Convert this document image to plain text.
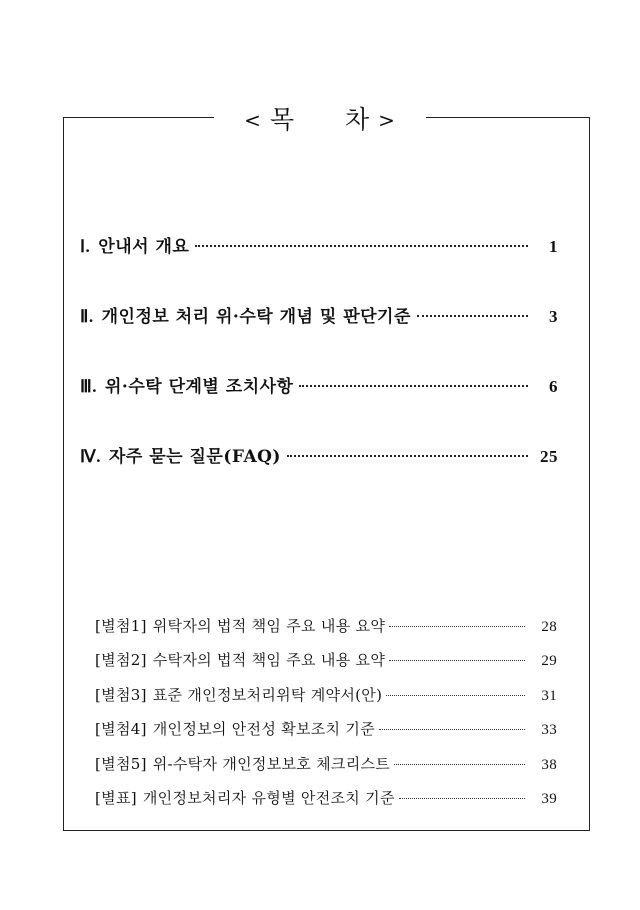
< 목 차 >
Ⅰ. 안내서 개요	1
Ⅱ. 개인정보 처리 위·수탁 개념 및 판단기준	3
Ⅲ. 위·수탁 단계별 조치사항	6
Ⅳ. 자주 묻는 질문(FAQ)	25
[별첨1] 위탁자의 법적 책임 주요 내용 요약	28
[별첨2] 수탁자의 법적 책임 주요 내용 요약	29
[별첨3] 표준 개인정보처리위탁 계약서(안)	31
[별첨4] 개인정보의 안전성 확보조치 기준	33
[별첨5] 위-수탁자 개인정보보호 체크리스트	38
[별표] 개인정보처리자 유형별 안전조치 기준	39
